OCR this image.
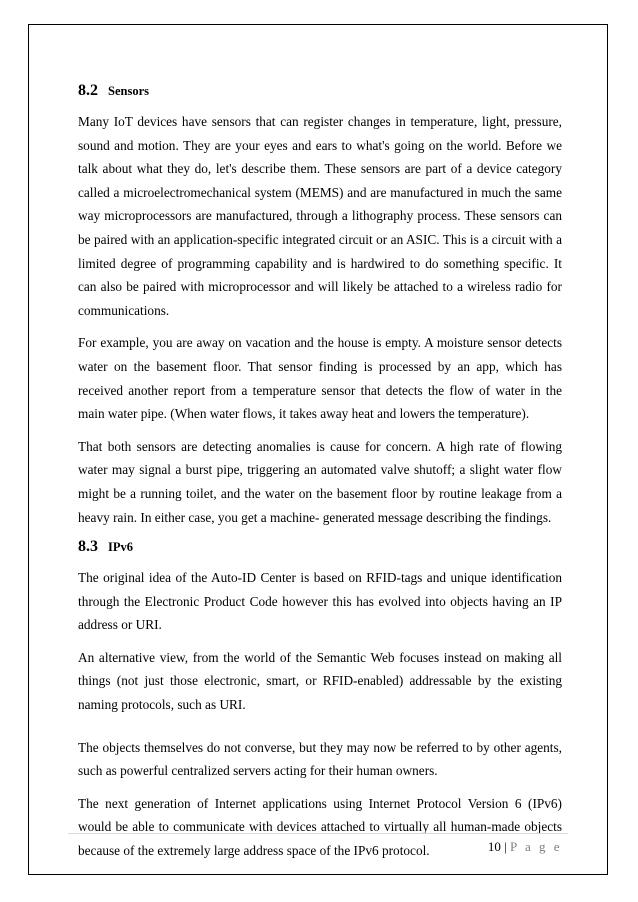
8.2 Sensors

Many IoT devices have sensors that can register changes in temperature, light, pressure, sound and motion. They are your eyes and ears to what's going on the world. Before we talk about what they do, let's describe them. These sensors are part of a device category called a microelectromechanical system (MEMS) and are manufactured in much the same way microprocessors are manufactured, through a lithography process. These sensors can be paired with an application-specific integrated circuit or an ASIC. This is a circuit with a limited degree of programming capability and is hardwired to do something specific. It can also be paired with microprocessor and will likely be attached to a wireless radio for communications.

For example, you are away on vacation and the house is empty. A moisture sensor detects water on the basement floor. That sensor finding is processed by an app, which has received another report from a temperature sensor that detects the flow of water in the main water pipe. (When water flows, it takes away heat and lowers the temperature).

That both sensors are detecting anomalies is cause for concern. A high rate of flowing water may signal a burst pipe, triggering an automated valve shutoff; a slight water flow might be a running toilet, and the water on the basement floor by routine leakage from a heavy rain. In either case, you get a machine- generated message describing the findings.

8.3 IPv6

The original idea of the Auto-ID Center is based on RFID-tags and unique identification through the Electronic Product Code however this has evolved into objects having an IP address or URI.

An alternative view, from the world of the Semantic Web focuses instead on making all things (not just those electronic, smart, or RFID-enabled) addressable by the existing naming protocols, such as URI.

The objects themselves do not converse, but they may now be referred to by other agents, such as powerful centralized servers acting for their human owners.

The next generation of Internet applications using Internet Protocol Version 6 (IPv6) would be able to communicate with devices attached to virtually all human-made objects because of the extremely large address space of the IPv6 protocol.	10 | P a g e
